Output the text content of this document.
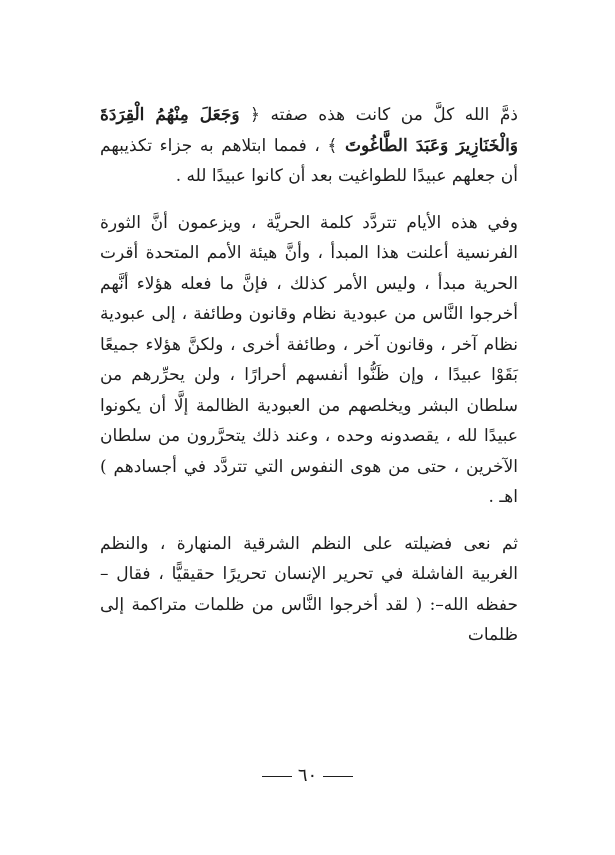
ذمَّ الله كلَّ من كانت هذه صفته ﴿ وَجَعَلَ مِنْهُمُ الْقِرَدَةَ وَالْخَنَازِيرَ وَعَبَدَ الطَّاغُوتَ ﴾ ، فمما ابتلاهم به جزاء تكذيبهم أن جعلهم عبيدًا للطواغيت بعد أن كانوا عبيدًا لله .

وفي هذه الأيام تتردَّد كلمة الحريَّة ، ويزعمون أنَّ الثورة الفرنسية أعلنت هذا المبدأ ، وأنَّ هيئة الأمم المتحدة أقرت الحرية مبدأ ، وليس الأمر كذلك ، فإنَّ ما فعله هؤلاء أنَّهم أخرجوا النَّاس من عبودية نظام وقانون وطائفة ، إلى عبودية نظام آخر ، وقانون آخر ، وطائفة أخرى ، ولكنَّ هؤلاء جميعًا بَقَوْا عبيدًا ، وإن ظَنُّوا أنفسهم أحرارًا ، ولن يحرِّرهم من سلطان البشر ويخلصهم من العبودية الظالمة إلَّا أن يكونوا عبيدًا لله ، يقصدونه وحده ، وعند ذلك يتحرَّرون من سلطان الآخرين ، حتى من هوى النفوس التي تتردَّد في أجسادهم ) اهـ .

ثم نعى فضيلته على النظم الشرقية المنهارة ، والنظم الغربية الفاشلة في تحرير الإنسان تحريرًا حقيقيًّا ، فقال – حفظه الله–: ( لقد أخرجوا النَّاس من ظلمات متراكمة إلى ظلمات

٦٠
